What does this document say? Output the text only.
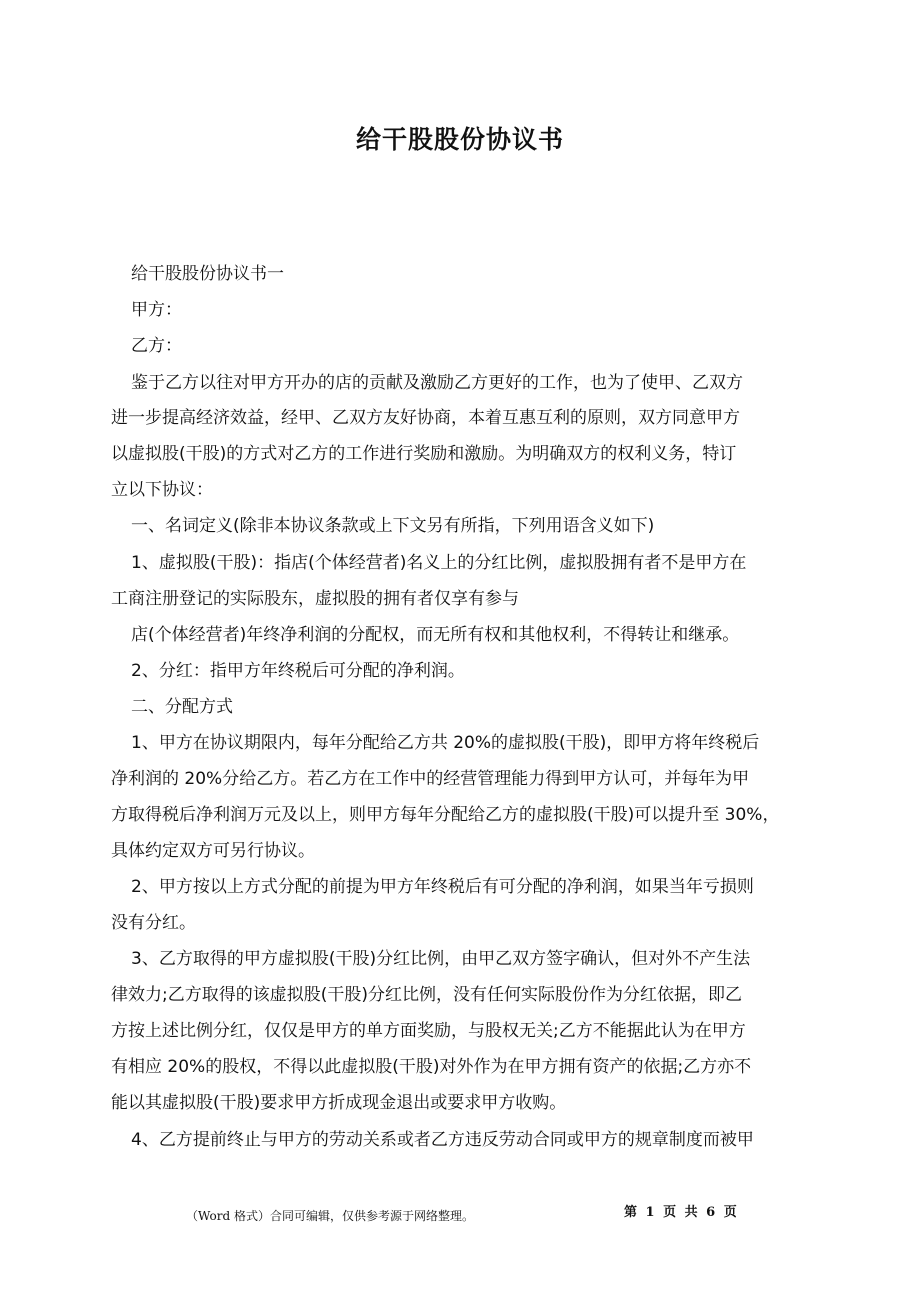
给干股股份协议书
给干股股份协议书一
甲方：
乙方：
鉴于乙方以往对甲方开办的店的贡献及激励乙方更好的工作，也为了使甲、乙双方
进一步提高经济效益，经甲、乙双方友好协商，本着互惠互利的原则，双方同意甲方
以虚拟股(干股)的方式对乙方的工作进行奖励和激励。为明确双方的权利义务，特订
立以下协议：
一、名词定义(除非本协议条款或上下文另有所指，下列用语含义如下)
1、虚拟股(干股)：指店(个体经营者)名义上的分红比例，虚拟股拥有者不是甲方在
工商注册登记的实际股东，虚拟股的拥有者仅享有参与
店(个体经营者)年终净利润的分配权，而无所有权和其他权利，不得转让和继承。
2、分红：指甲方年终税后可分配的净利润。
二、分配方式
1、甲方在协议期限内，每年分配给乙方共 20%的虚拟股(干股)，即甲方将年终税后
净利润的 20%分给乙方。若乙方在工作中的经营管理能力得到甲方认可，并每年为甲
方取得税后净利润万元及以上，则甲方每年分配给乙方的虚拟股(干股)可以提升至 30%，
具体约定双方可另行协议。
2、甲方按以上方式分配的前提为甲方年终税后有可分配的净利润，如果当年亏损则
没有分红。
3、乙方取得的甲方虚拟股(干股)分红比例，由甲乙双方签字确认，但对外不产生法
律效力;乙方取得的该虚拟股(干股)分红比例，没有任何实际股份作为分红依据，即乙
方按上述比例分红，仅仅是甲方的单方面奖励，与股权无关;乙方不能据此认为在甲方
有相应 20%的股权，不得以此虚拟股(干股)对外作为在甲方拥有资产的依据;乙方亦不
能以其虚拟股(干股)要求甲方折成现金退出或要求甲方收购。
4、乙方提前终止与甲方的劳动关系或者乙方违反劳动合同或甲方的规章制度而被甲
（Word 格式）合同可编辑，仅供参考源于网络整理。	第 1 页 共 6 页
